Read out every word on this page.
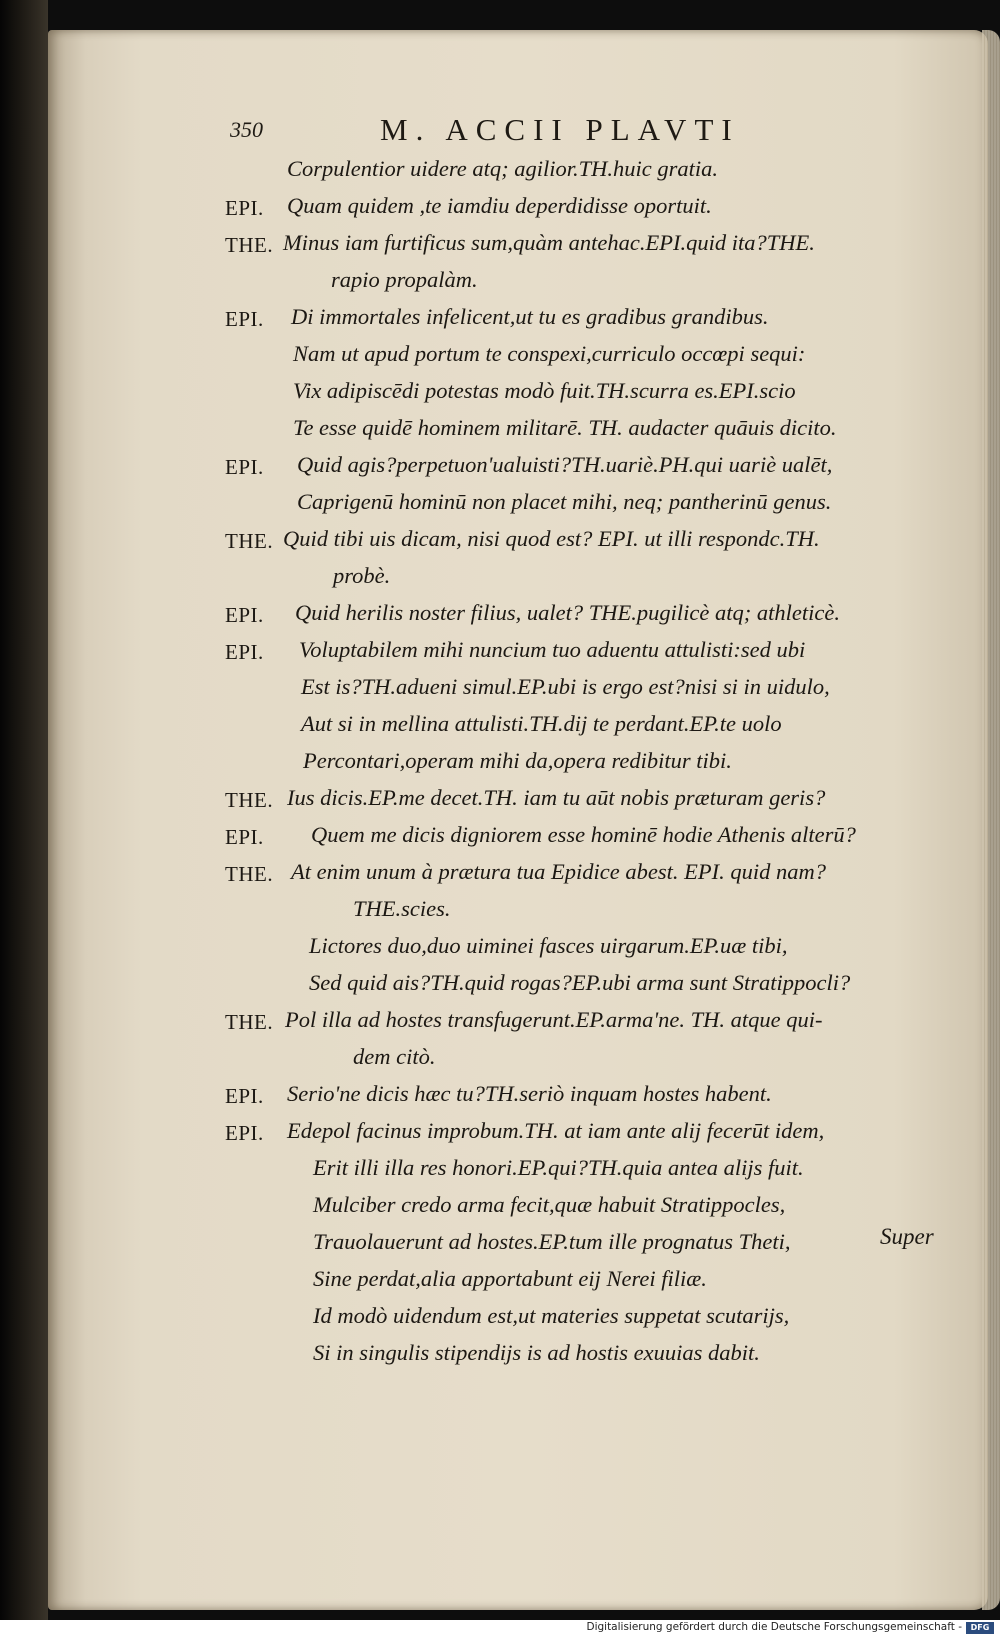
350	M. ACCII PLAVTI
Corpulentior uidere atq; agilior.TH.huic gratia.
EPI. Quam quidem ,te iamdiu deperdidisse oportuit.
THE. Minus iam furtificus sum,quàm antehac.EPI.quid ita?THE.
rapio propalàm.
EPI. Di immortales infelicent,ut tu es gradibus grandibus.
Nam ut apud portum te conspexi,curriculo occœpi sequi:
Vix adipiscēdi potestas modò fuit.TH.scurra es.EPI.scio
Te esse quidē hominem militarē. TH. audacter quāuis dicito.
EPI. Quid agis?perpetuon'ualuisti?TH.uariè.PH.qui uariè ualēt,
Caprigenū hominū non placet mihi, neq; pantherinū genus.
THE. Quid tibi uis dicam, nisi quod est? EPI. ut illi respondc.TH.
probè.
EPI. Quid herilis noster filius, ualet? THE.pugilicè atq; athleticè.
EPI. Voluptabilem mihi nuncium tuo aduentu attulisti:sed ubi
Est is?TH.adueni simul.EP.ubi is ergo est?nisi si in uidulo,
Aut si in mellina attulisti.TH.dij te perdant.EP.te uolo
Percontari,operam mihi da,opera redibitur tibi.
THE. Ius dicis.EP.me decet.TH. iam tu aūt nobis præturam geris?
EPI. Quem me dicis digniorem esse hominē hodie Athenis alterū?
THE. At enim unum à prætura tua Epidice abest. EPI. quid nam?
THE.scies.
Lictores duo,duo uiminei fasces uirgarum.EP.uæ tibi,
Sed quid ais?TH.quid rogas?EP.ubi arma sunt Stratippocli?
THE. Pol illa ad hostes transfugerunt.EP.arma'ne. TH. atque qui-
dem citò.
EPI. Serio'ne dicis hæc tu?TH.seriò inquam hostes habent.
EPI. Edepol facinus improbum.TH. at iam ante alij fecerūt idem,
Erit illi illa res honori.EP.qui?TH.quia antea alijs fuit.
Mulciber credo arma fecit,quæ habuit Stratippocles,
Trauolauerunt ad hostes.EP.tum ille prognatus Theti,
Sine perdat,alia apportabunt eij Nerei filiæ.
Id modò uidendum est,ut materies suppetat scutarijs,
Si in singulis stipendijs is ad hostis exuuias dabit.
Super
Digitalisierung gefördert durch die Deutsche Forschungsgemeinschaft -	DFG
